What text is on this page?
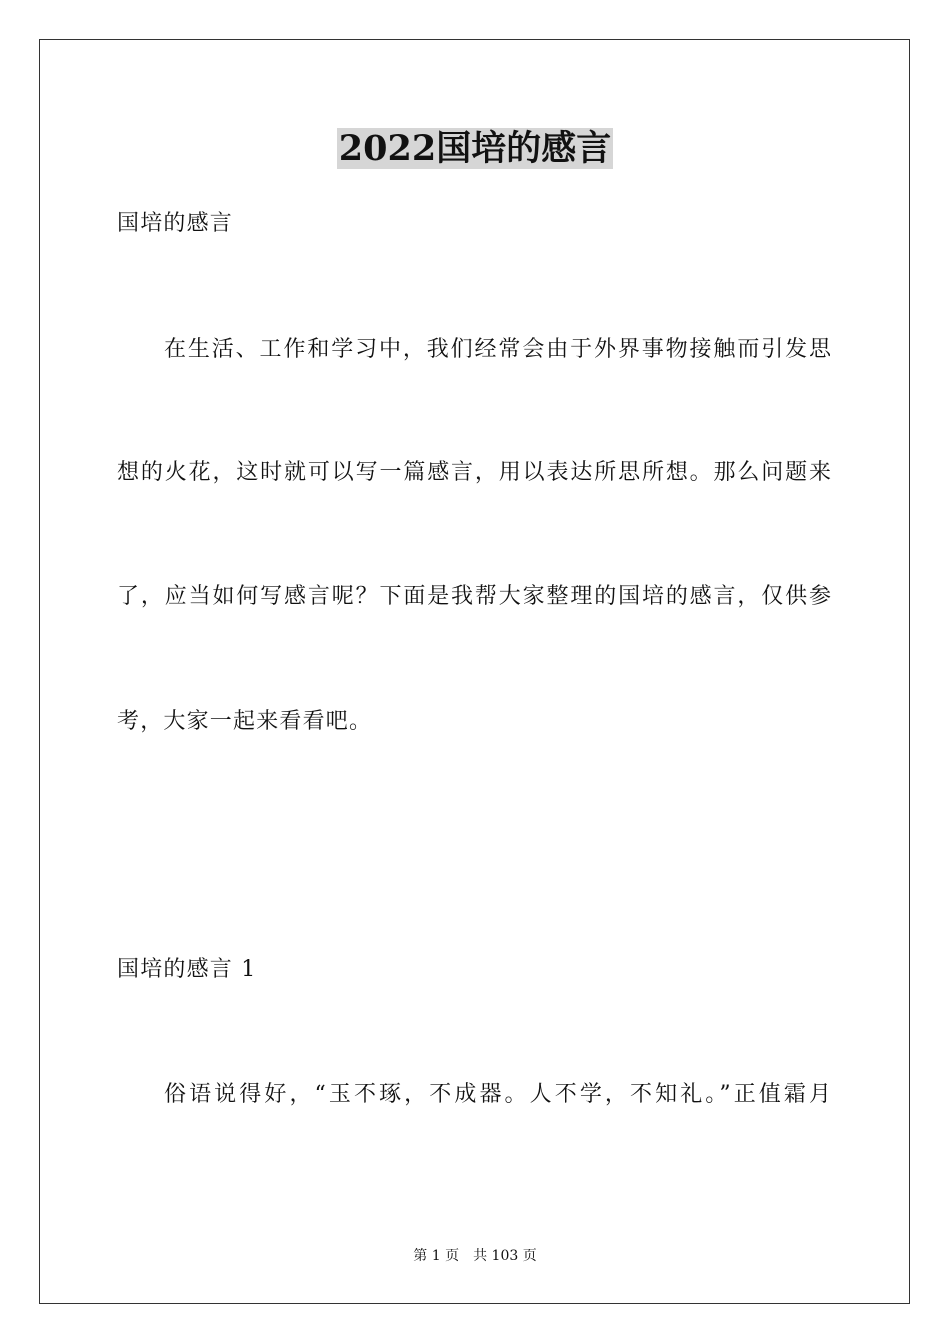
2022国培的感言
国培的感言
在生活、工作和学习中，我们经常会由于外界事物接触而引发思
想的火花，这时就可以写一篇感言，用以表达所思所想。那么问题来
了，应当如何写感言呢？下面是我帮大家整理的国培的感言，仅供参
考，大家一起来看看吧。
国培的感言 1
俗语说得好，“玉不琢，不成器。人不学，不知礼。”正值霜月
第 1 页 共 103 页
